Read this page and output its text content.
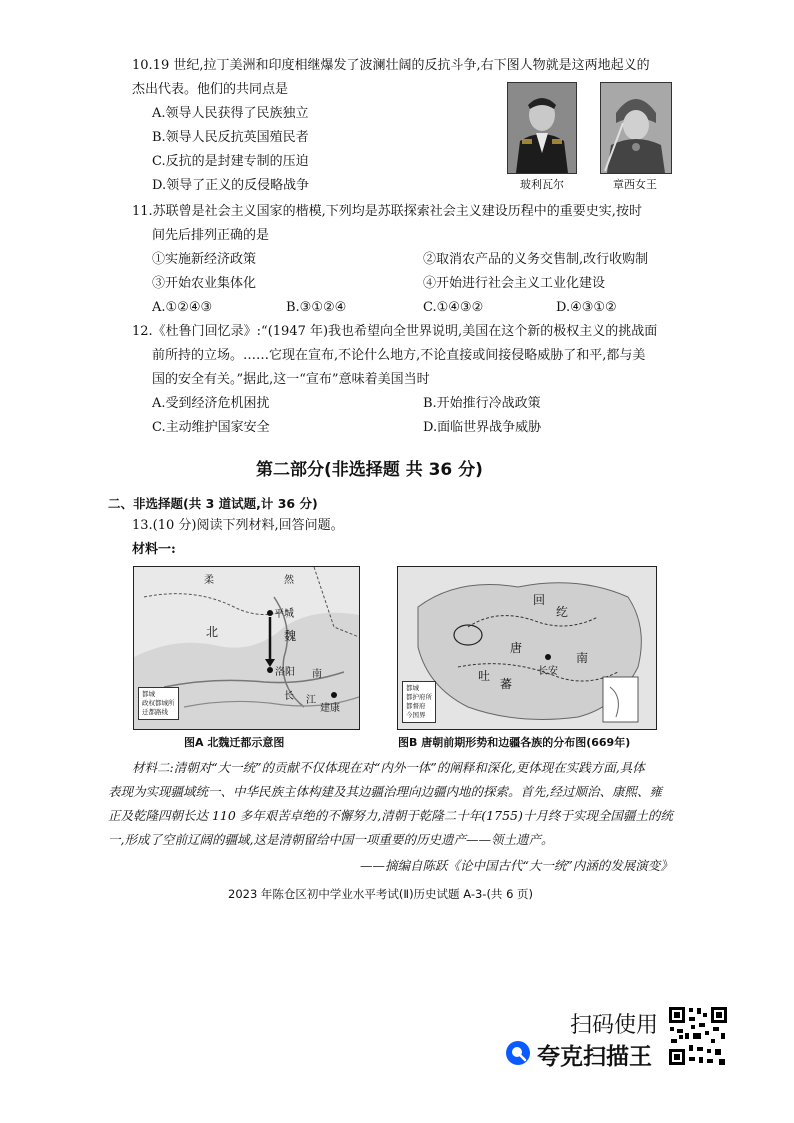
10.19 世纪,拉丁美洲和印度相继爆发了波澜壮阔的反抗斗争,右下图人物就是这两地起义的
杰出代表。他们的共同点是
A.领导人民获得了民族独立
B.领导人民反抗英国殖民者
C.反抗的是封建专制的压迫
D.领导了正义的反侵略战争	玻利瓦尔	章西女王
11.苏联曾是社会主义国家的楷模,下列均是苏联探索社会主义建设历程中的重要史实,按时
间先后排列正确的是
①实施新经济政策	②取消农产品的义务交售制,改行收购制
③开始农业集体化	④开始进行社会主义工业化建设
A.①②④③	B.③①②④	C.①④③②	D.④③①②
12.《杜鲁门回忆录》:“(1947 年)我也希望向全世界说明,美国在这个新的极权主义的挑战面
前所持的立场。……它现在宣布,不论什么地方,不论直接或间接侵略威胁了和平,都与美
国的安全有关。”据此,这一“宣布”意味着美国当时
A.受到经济危机困扰	B.开始推行冷战政策
C.主动维护国家安全	D.面临世界战争威胁
第二部分(非选择题 共 36 分)
二、非选择题(共 3 道试题,计 36 分)
13.(10 分)阅读下列材料,回答问题。
材料一:
柔	然
平城
北	魏
洛阳
长
南
江
建康
都城
政权都城所
迁都路线
图A 北魏迁都示意图
回
纥
唐
吐
蕃
长安
南
都城
都护府所
都督府
今国界
图B 唐朝前期形势和边疆各族的分布图(669年)
材料二:清朝对“大一统”的贡献不仅体现在对“内外一体”的阐释和深化,更体现在实践方面,具体
表现为实现疆域统一、中华民族主体构建及其边疆治理向边疆内地的探索。首先,经过顺治、康熙、雍
正及乾隆四朝长达 110 多年艰苦卓绝的不懈努力,清朝于乾隆二十年(1755)十月终于实现全国疆土的统
一,形成了空前辽阔的疆域,这是清朝留给中国一项重要的历史遗产——领土遗产。
——摘编自陈跃《论中国古代“大一统”内涵的发展演变》
2023 年陈仓区初中学业水平考试(Ⅱ)历史试题 A-3-(共 6 页)
扫码使用
夸克扫描王
